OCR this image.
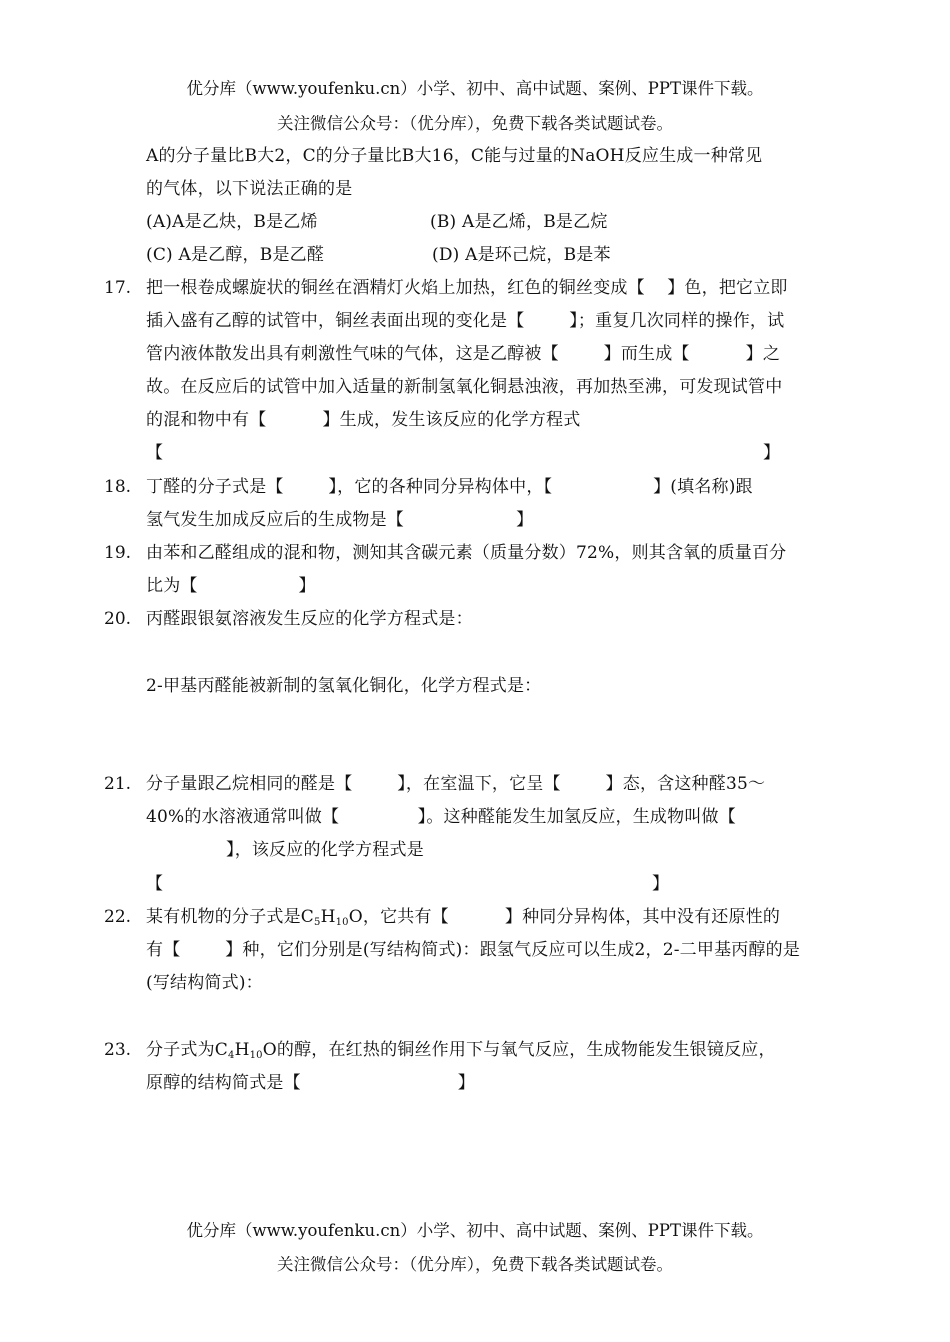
优分库（www.youfenku.cn）小学、初中、高中试题、案例、PPT课件下载。
关注微信公众号：（优分库），免费下载各类试题试卷。
A的分子量比B大2，C的分子量比B大16，C能与过量的NaOH反应生成一种常见
的气体，以下说法正确的是
(A)A是乙炔，B是乙烯	(B) A是乙烯，B是乙烷
(C) A是乙醇，B是乙醛	(D) A是环己烷，B是苯
17. 把一根卷成螺旋状的铜丝在酒精灯火焰上加热，红色的铜丝变成【    】色，把它立即
插入盛有乙醇的试管中，铜丝表面出现的变化是【        】；重复几次同样的操作，试
管内液体散发出具有刺激性气味的气体，这是乙醇被【        】而生成【          】之
故。在反应后的试管中加入适量的新制氢氧化铜悬浊液，再加热至沸，可发现试管中
的混和物中有【          】生成，发生该反应的化学方程式
【	】
18. 丁醛的分子式是【        】，它的各种同分异构体中，【                  】(填名称)跟
氢气发生加成反应后的生成物是【                    】
19. 由苯和乙醛组成的混和物，测知其含碳元素（质量分数）72%，则其含氧的质量百分
比为【                  】
20. 丙醛跟银氨溶液发生反应的化学方程式是：
2-甲基丙醛能被新制的氢氧化铜化，化学方程式是：
21. 分子量跟乙烷相同的醛是【        】，在室温下，它呈【        】态，含这种醛35～
40%的水溶液通常叫做【              】。这种醛能发生加氢反应，生成物叫做【
】，该反应的化学方程式是
【	】
22. 某有机物的分子式是$C_5H_{10}O$，它共有【          】种同分异构体，其中没有还原性的
有【        】种，它们分别是(写结构简式)：跟氢气反应可以生成2，2-二甲基丙醇的是
(写结构简式)：
23. 分子式为$C_4H_{10}O$的醇，在红热的铜丝作用下与氧气反应，生成物能发生银镜反应，
原醇的结构简式是【                            】
优分库（www.youfenku.cn）小学、初中、高中试题、案例、PPT课件下载。
关注微信公众号：（优分库），免费下载各类试题试卷。
